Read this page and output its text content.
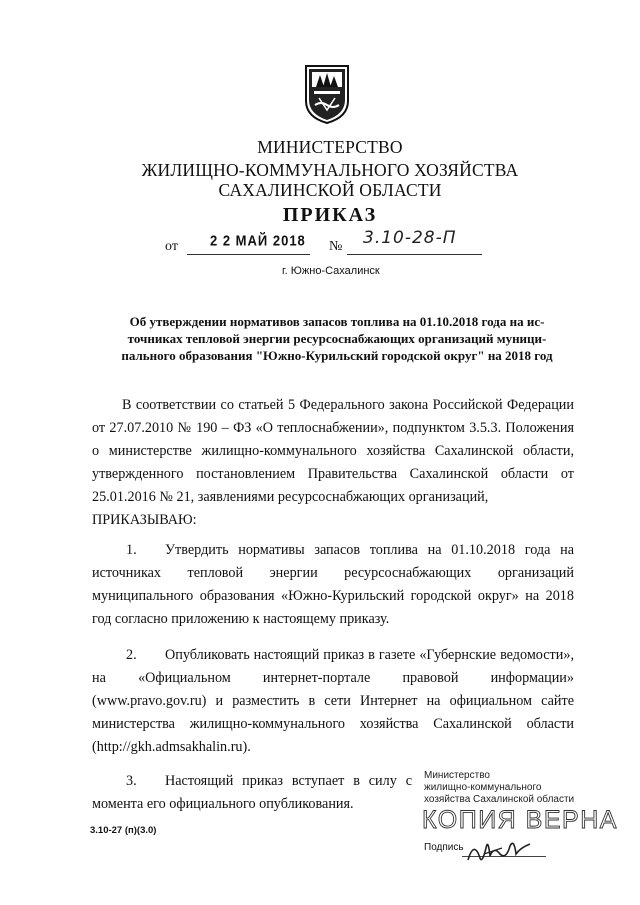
МИНИСТЕРСТВО
ЖИЛИЩНО-КОММУНАЛЬНОГО ХОЗЯЙСТВА
САХАЛИНСКОЙ ОБЛАСТИ
ПРИКАЗ
от 2 2 МАЙ 2018 № 3.10-28-П
г. Южно-Сахалинск
Об утверждении нормативов запасов топлива на 01.10.2018 года на ис-
точниках тепловой энергии ресурсоснабжающих организаций муници-
пального образования "Южно-Курильский городской округ" на 2018 год
В соответствии со статьей 5 Федерального закона Российской Федерации от 27.07.2010 № 190 – ФЗ «О теплоснабжении», подпунктом 3.5.3. Положения о министерстве жилищно-коммунального хозяйства Сахалинской области, утвержденного постановлением Правительства Сахалинской области от 25.01.2016 № 21, заявлениями ресурсоснабжающих организаций,
ПРИКАЗЫВАЮ:
1. Утвердить нормативы запасов топлива на 01.10.2018 года на источниках тепловой энергии ресурсоснабжающих организаций муниципального образования «Южно-Курильский городской округ» на 2018 год согласно приложению к настоящему приказу.
2. Опубликовать настоящий приказ в газете «Губернские ведомости», на «Официальном интернет-портале правовой информации» (www.pravo.gov.ru) и разместить в сети Интернет на официальном сайте министерства жилищно-коммунального хозяйства Сахалинской области (http://gkh.admsakhalin.ru).
3. Настоящий приказ вступает в силу с момента его официального опубликования.
3.10-27 (п)(3.0)
Министерство
жилищно-коммунального
хозяйства Сахалинской области
КОПИЯ ВЕРНА
Подпись
